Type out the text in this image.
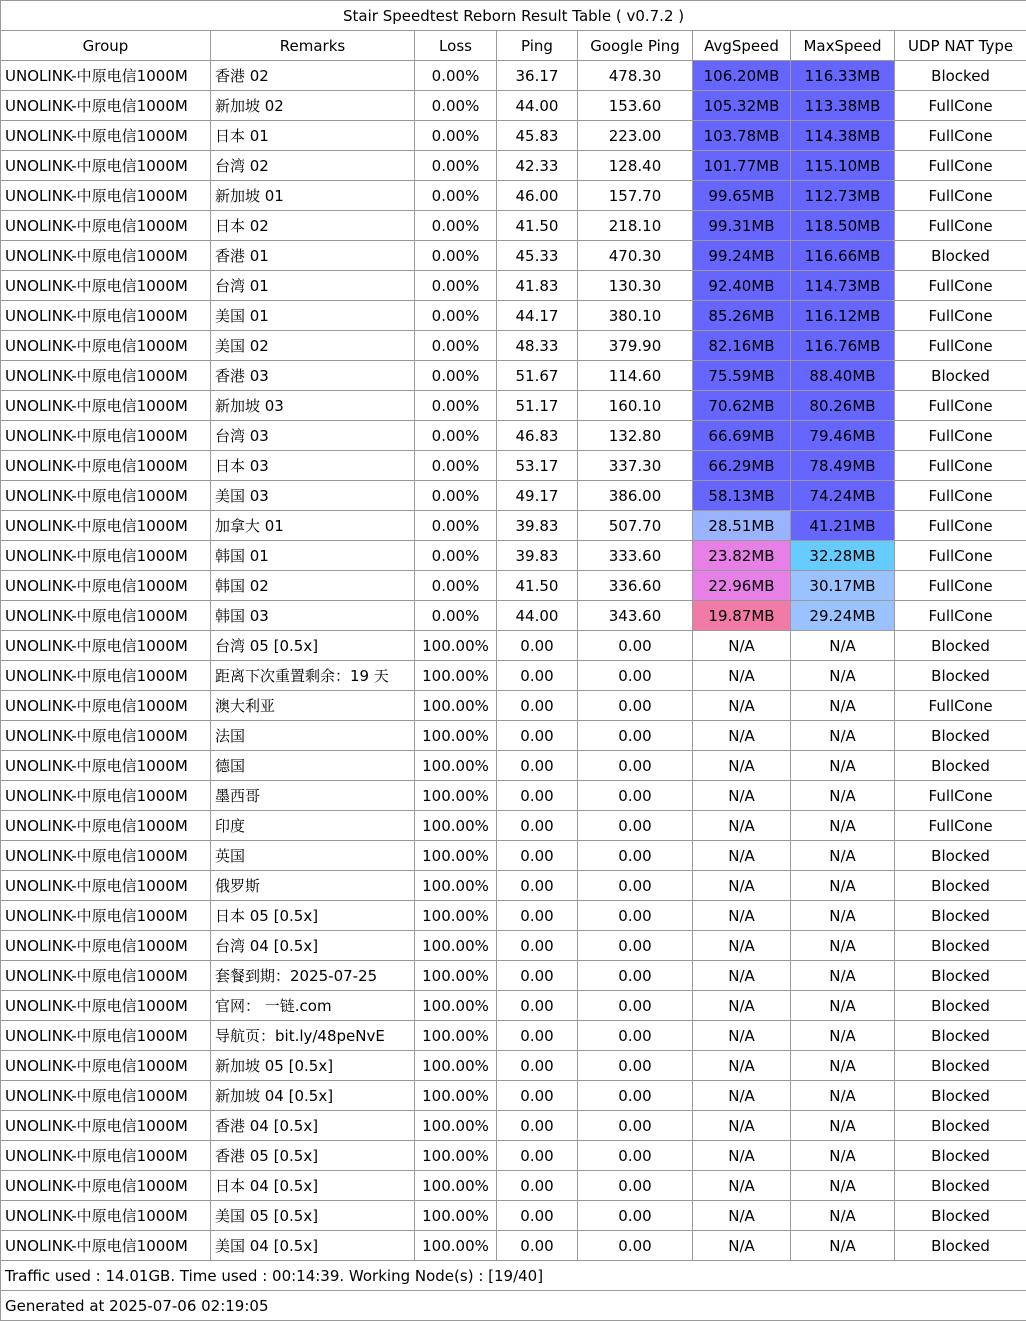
Stair Speedtest Reborn Result Table ( v0.7.2 )							
Group	Remarks	Loss	Ping	Google Ping	AvgSpeed	MaxSpeed	UDP NAT Type
UNOLINK-中原电信1000M	香港 02	0.00%	36.17	478.30	106.20MB	116.33MB	Blocked
UNOLINK-中原电信1000M	新加坡 02	0.00%	44.00	153.60	105.32MB	113.38MB	FullCone
UNOLINK-中原电信1000M	日本 01	0.00%	45.83	223.00	103.78MB	114.38MB	FullCone
UNOLINK-中原电信1000M	台湾 02	0.00%	42.33	128.40	101.77MB	115.10MB	FullCone
UNOLINK-中原电信1000M	新加坡 01	0.00%	46.00	157.70	99.65MB	112.73MB	FullCone
UNOLINK-中原电信1000M	日本 02	0.00%	41.50	218.10	99.31MB	118.50MB	FullCone
UNOLINK-中原电信1000M	香港 01	0.00%	45.33	470.30	99.24MB	116.66MB	Blocked
UNOLINK-中原电信1000M	台湾 01	0.00%	41.83	130.30	92.40MB	114.73MB	FullCone
UNOLINK-中原电信1000M	美国 01	0.00%	44.17	380.10	85.26MB	116.12MB	FullCone
UNOLINK-中原电信1000M	美国 02	0.00%	48.33	379.90	82.16MB	116.76MB	FullCone
UNOLINK-中原电信1000M	香港 03	0.00%	51.67	114.60	75.59MB	88.40MB	Blocked
UNOLINK-中原电信1000M	新加坡 03	0.00%	51.17	160.10	70.62MB	80.26MB	FullCone
UNOLINK-中原电信1000M	台湾 03	0.00%	46.83	132.80	66.69MB	79.46MB	FullCone
UNOLINK-中原电信1000M	日本 03	0.00%	53.17	337.30	66.29MB	78.49MB	FullCone
UNOLINK-中原电信1000M	美国 03	0.00%	49.17	386.00	58.13MB	74.24MB	FullCone
UNOLINK-中原电信1000M	加拿大 01	0.00%	39.83	507.70	28.51MB	41.21MB	FullCone
UNOLINK-中原电信1000M	韩国 01	0.00%	39.83	333.60	23.82MB	32.28MB	FullCone
UNOLINK-中原电信1000M	韩国 02	0.00%	41.50	336.60	22.96MB	30.17MB	FullCone
UNOLINK-中原电信1000M	韩国 03	0.00%	44.00	343.60	19.87MB	29.24MB	FullCone
UNOLINK-中原电信1000M	台湾 05 [0.5x]	100.00%	0.00	0.00	N/A	N/A	Blocked
UNOLINK-中原电信1000M	距离下次重置剩余：19 天	100.00%	0.00	0.00	N/A	N/A	Blocked
UNOLINK-中原电信1000M	澳大利亚	100.00%	0.00	0.00	N/A	N/A	FullCone
UNOLINK-中原电信1000M	法国	100.00%	0.00	0.00	N/A	N/A	Blocked
UNOLINK-中原电信1000M	德国	100.00%	0.00	0.00	N/A	N/A	Blocked
UNOLINK-中原电信1000M	墨西哥	100.00%	0.00	0.00	N/A	N/A	FullCone
UNOLINK-中原电信1000M	印度	100.00%	0.00	0.00	N/A	N/A	FullCone
UNOLINK-中原电信1000M	英国	100.00%	0.00	0.00	N/A	N/A	Blocked
UNOLINK-中原电信1000M	俄罗斯	100.00%	0.00	0.00	N/A	N/A	Blocked
UNOLINK-中原电信1000M	日本 05 [0.5x]	100.00%	0.00	0.00	N/A	N/A	Blocked
UNOLINK-中原电信1000M	台湾 04 [0.5x]	100.00%	0.00	0.00	N/A	N/A	Blocked
UNOLINK-中原电信1000M	套餐到期：2025-07-25	100.00%	0.00	0.00	N/A	N/A	Blocked
UNOLINK-中原电信1000M	官网： 一链.com	100.00%	0.00	0.00	N/A	N/A	Blocked
UNOLINK-中原电信1000M	导航页：bit.ly/48peNvE	100.00%	0.00	0.00	N/A	N/A	Blocked
UNOLINK-中原电信1000M	新加坡 05 [0.5x]	100.00%	0.00	0.00	N/A	N/A	Blocked
UNOLINK-中原电信1000M	新加坡 04 [0.5x]	100.00%	0.00	0.00	N/A	N/A	Blocked
UNOLINK-中原电信1000M	香港 04 [0.5x]	100.00%	0.00	0.00	N/A	N/A	Blocked
UNOLINK-中原电信1000M	香港 05 [0.5x]	100.00%	0.00	0.00	N/A	N/A	Blocked
UNOLINK-中原电信1000M	日本 04 [0.5x]	100.00%	0.00	0.00	N/A	N/A	Blocked
UNOLINK-中原电信1000M	美国 05 [0.5x]	100.00%	0.00	0.00	N/A	N/A	Blocked
UNOLINK-中原电信1000M	美国 04 [0.5x]	100.00%	0.00	0.00	N/A	N/A	Blocked
Traffic used : 14.01GB. Time used : 00:14:39. Working Node(s) : [19/40]							
Generated at 2025-07-06 02:19:05							
